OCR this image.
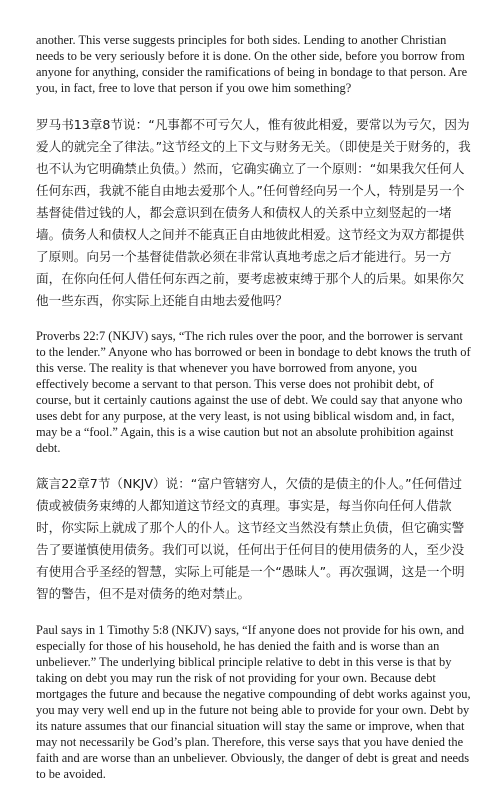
another. This verse suggests principles for both sides. Lending to another Christian needs to be very seriously before it is done. On the other side, before you borrow from anyone for anything, consider the ramifications of being in bondage to that person. Are you, in fact, free to love that person if you owe him something?

罗马书13章8节说：“凡事都不可亏欠人，惟有彼此相爱，要常以为亏欠，因为爱人的就完全了律法。”这节经文的上下文与财务无关。（即使是关于财务的，我也不认为它明确禁止负债。）然而，它确实确立了一个原则：“如果我欠任何人任何东西，我就不能自由地去爱那个人。”任何曾经向另一个人，特别是另一个基督徒借过钱的人，都会意识到在债务人和债权人的关系中立刻竖起的一堵墙。债务人和债权人之间并不能真正自由地彼此相爱。这节经文为双方都提供了原则。向另一个基督徒借款必须在非常认真地考虑之后才能进行。另一方面，在你向任何人借任何东西之前，要考虑被束缚于那个人的后果。如果你欠他一些东西，你实际上还能自由地去爱他吗？

Proverbs 22:7 (NKJV) says, “The rich rules over the poor, and the borrower is servant to the lender.” Anyone who has borrowed or been in bondage to debt knows the truth of this verse. The reality is that whenever you have borrowed from anyone, you effectively become a servant to that person. This verse does not prohibit debt, of course, but it certainly cautions against the use of debt. We could say that anyone who uses debt for any purpose, at the very least, is not using biblical wisdom and, in fact, may be a “fool.” Again, this is a wise caution but not an absolute prohibition against debt.

箴言22章7节（NKJV）说：“富户管辖穷人，欠债的是债主的仆人。”任何借过债或被债务束缚的人都知道这节经文的真理。事实是，每当你向任何人借款时，你实际上就成了那个人的仆人。这节经文当然没有禁止负债，但它确实警告了要谨慎使用债务。我们可以说，任何出于任何目的使用债务的人，至少没有使用合乎圣经的智慧，实际上可能是一个“愚昧人”。再次强调，这是一个明智的警告，但不是对债务的绝对禁止。

Paul says in 1 Timothy 5:8 (NKJV) says, “If anyone does not provide for his own, and especially for those of his household, he has denied the faith and is worse than an unbeliever.” The underlying biblical principle relative to debt in this verse is that by taking on debt you may run the risk of not providing for your own. Because debt mortgages the future and because the negative compounding of debt works against you, you may very well end up in the future not being able to provide for your own. Debt by its nature assumes that our financial situation will stay the same or improve, when that may not necessarily be God’s plan. Therefore, this verse says that you have denied the faith and are worse than an unbeliever. Obviously, the danger of debt is great and needs to be avoided.
